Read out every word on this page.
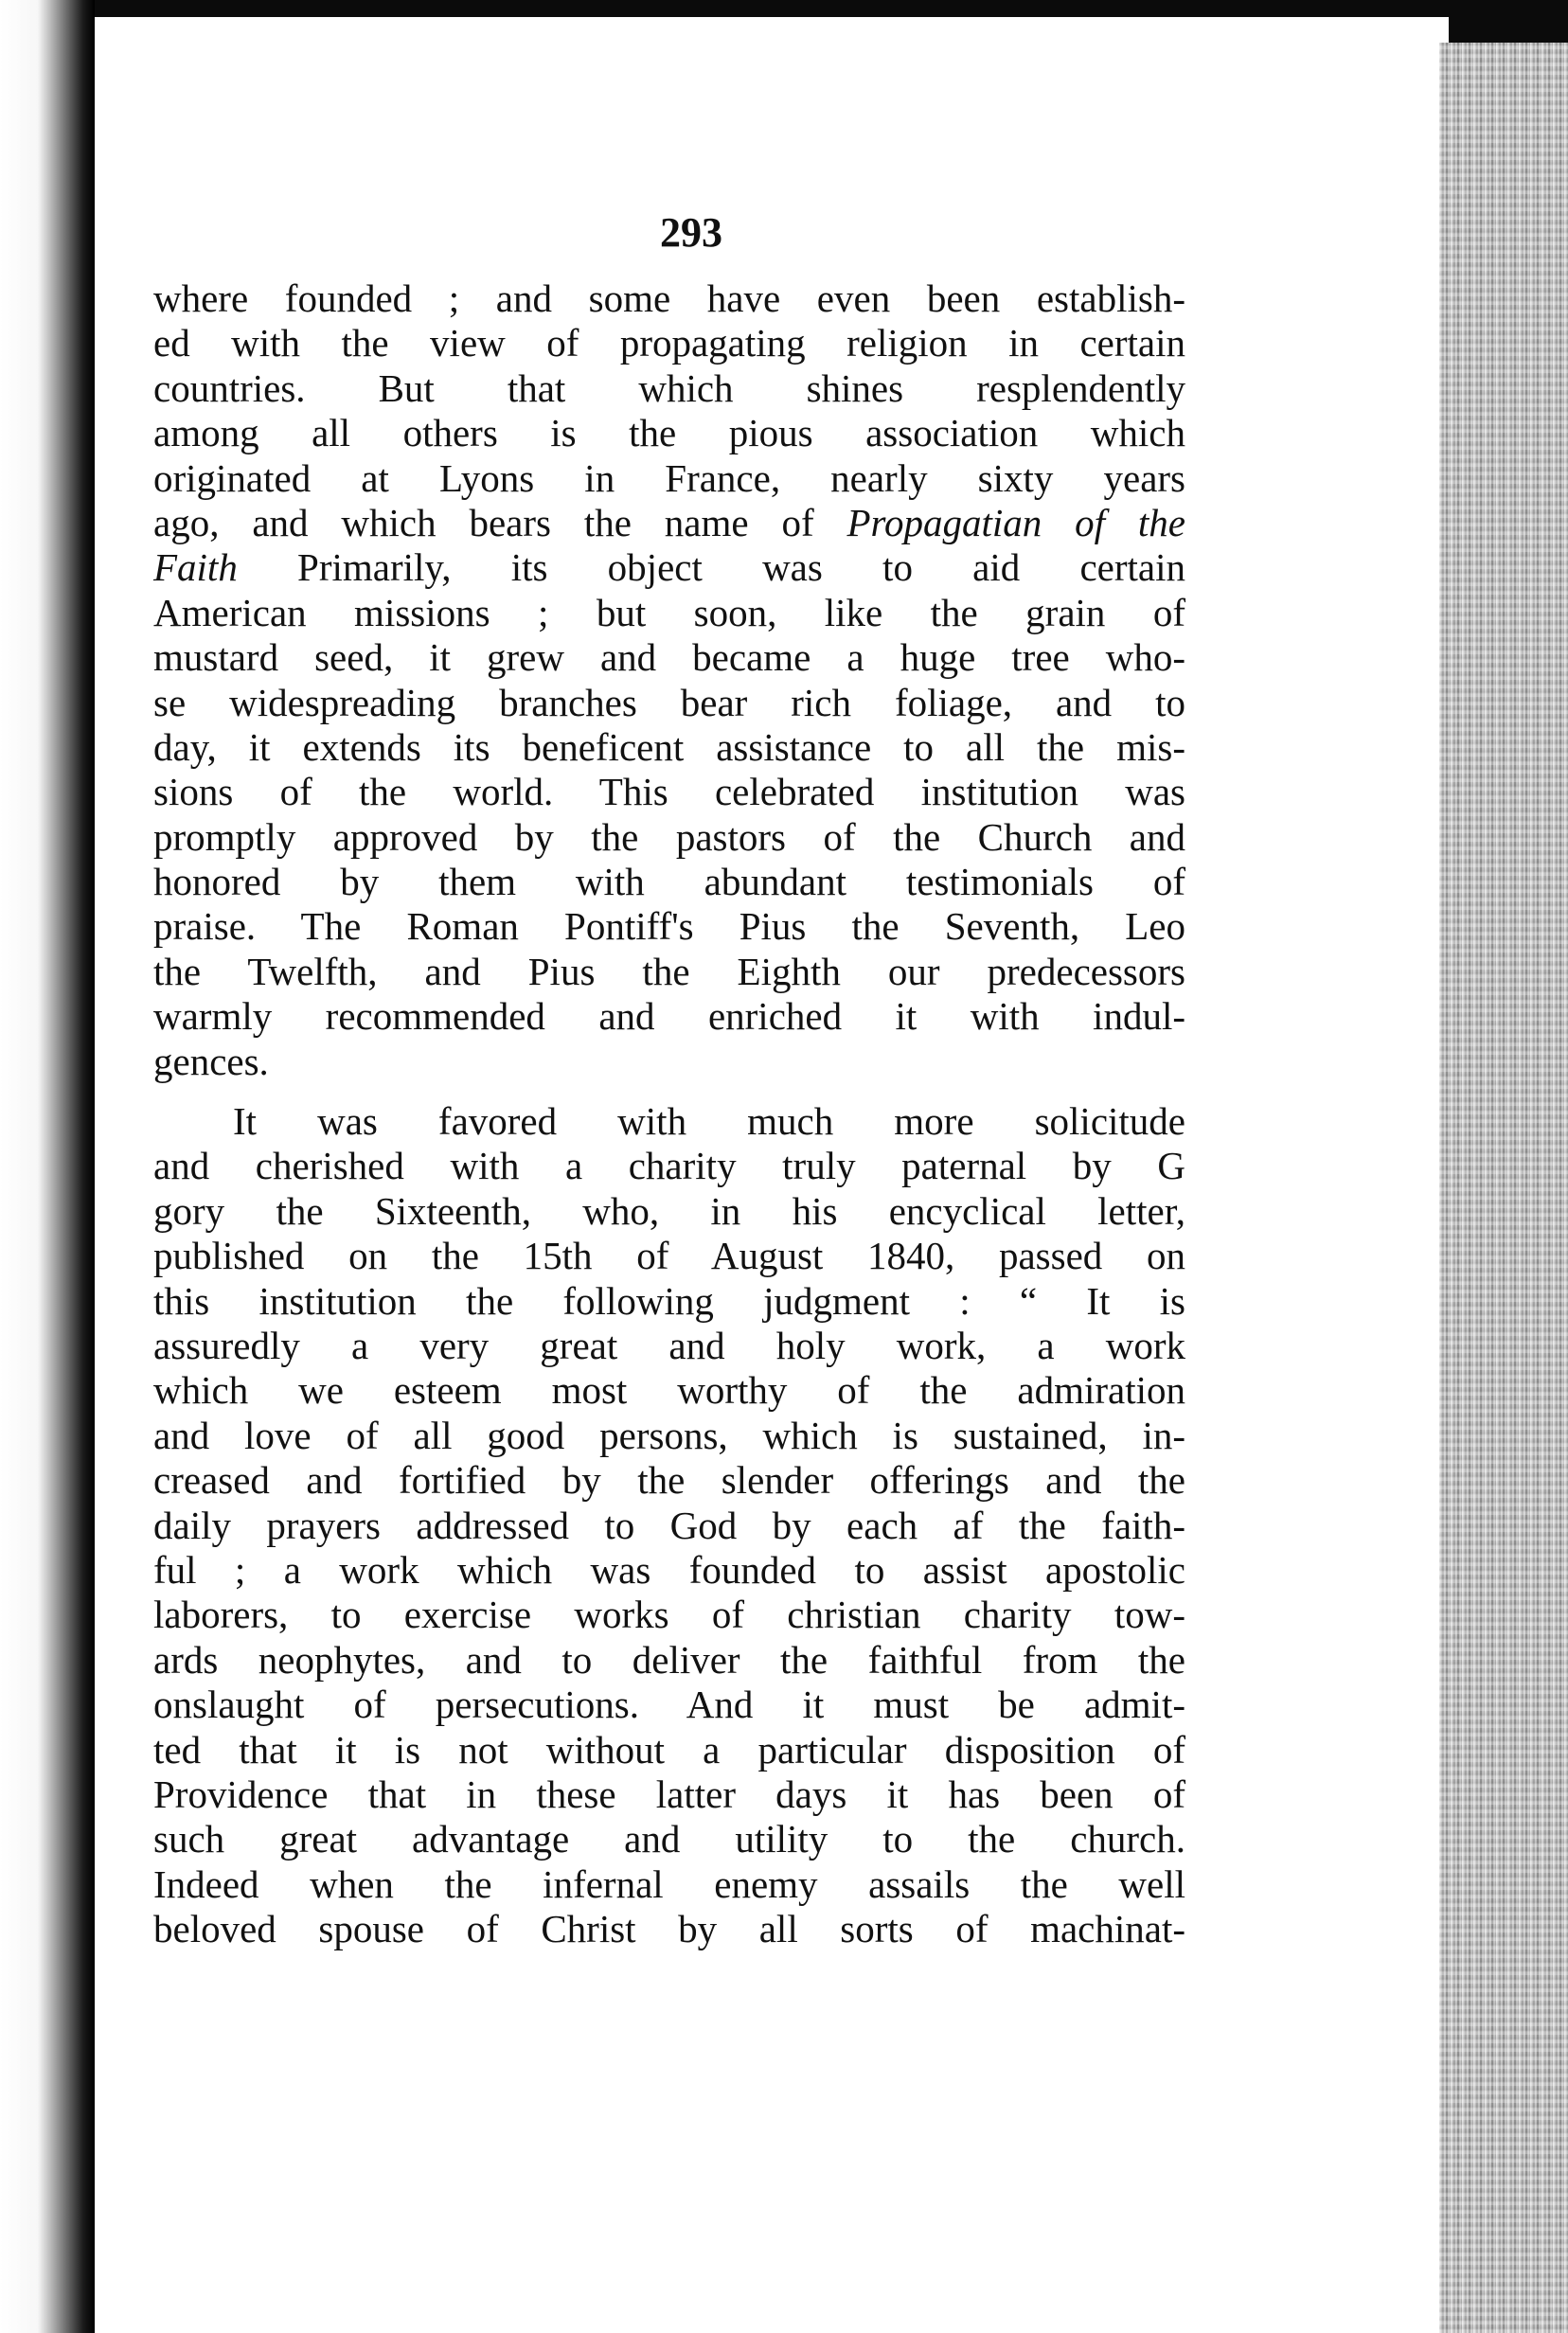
293
where founded ; and some have even been establish-
ed with the view of propagating religion in certain
countries. But that which shines resplendently
among all others is the pious association which
originated at Lyons in France, nearly sixty years
ago, and which bears the name of Propagatian of the
Faith Primarily, its object was to aid certain
American missions ; but soon, like the grain of
mustard seed, it grew and became a huge tree who-
se widespreading branches bear rich foliage, and to
day, it extends its beneficent assistance to all the mis-
sions of the world. This celebrated institution was
promptly approved by the pastors of the Church and
honored by them with abundant testimonials of
praise. The Roman Pontiff's Pius the Seventh, Leo
the Twelfth, and Pius the Eighth our predecessors
warmly recommended and enriched it with indul-
gences.
It was favored with much more solicitude
and cherished with a charity truly paternal by G
gory the Sixteenth, who, in his encyclical letter,
published on the 15th of August 1840, passed on
this institution the following judgment : “ It is
assuredly a very great and holy work, a work
which we esteem most worthy of the admiration
and love of all good persons, which is sustained, in-
creased and fortified by the slender offerings and the
daily prayers addressed to God by each af the faith-
ful ; a work which was founded to assist apostolic
laborers, to exercise works of christian charity tow-
ards neophytes, and to deliver the faithful from the
onslaught of persecutions. And it must be admit-
ted that it is not without a particular disposition of
Providence that in these latter days it has been of
such great advantage and utility to the church.
Indeed when the infernal enemy assails the well
beloved spouse of Christ by all sorts of machinat-
